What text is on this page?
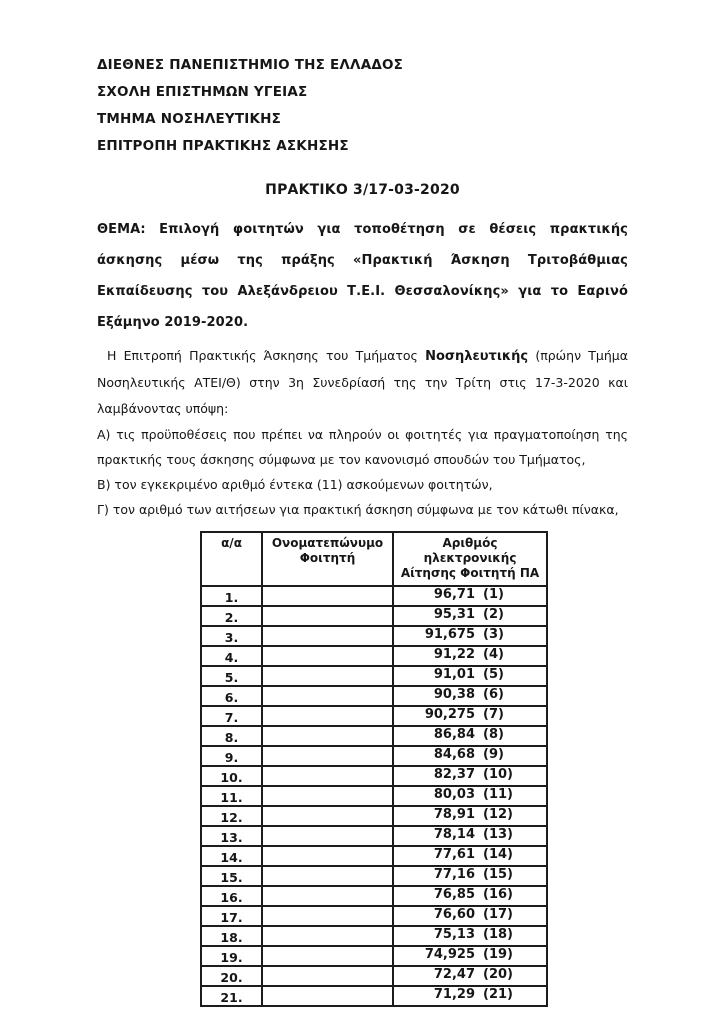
ΔΙΕΘΝΕΣ ΠΑΝΕΠΙΣΤΗΜΙΟ ΤΗΣ ΕΛΛΑΔΟΣ
ΣΧΟΛΗ ΕΠΙΣΤΗΜΩΝ ΥΓΕΙΑΣ
ΤΜΗΜΑ ΝΟΣΗΛΕΥΤΙΚΗΣ
ΕΠΙΤΡΟΠΗ ΠΡΑΚΤΙΚΗΣ ΑΣΚΗΣΗΣ
ΠΡΑΚΤΙΚΟ 3/17-03-2020

ΘΕΜΑ: Επιλογή φοιτητών για τοποθέτηση σε θέσεις πρακτικής άσκησης μέσω της πράξης «Πρακτική Άσκηση Τριτοβάθμιας Εκπαίδευσης του Αλεξάνδρειου Τ.Ε.Ι. Θεσσαλονίκης» για το Εαρινό Εξάμηνο 2019-2020.

Η Επιτροπή Πρακτικής Άσκησης του Τμήματος Νοσηλευτικής (πρώην Τμήμα Νοσηλευτικής ΑΤΕΙ/Θ) στην 3η Συνεδρίασή της την Τρίτη στις 17-3-2020 και λαμβάνοντας υπόψη:

Α) τις προϋποθέσεις που πρέπει να πληρούν οι φοιτητές για πραγματοποίηση της πρακτικής τους άσκησης σύμφωνα με τον κανονισμό σπουδών του Τμήματος,

Β) τον εγκεκριμένο αριθμό έντεκα (11) ασκούμενων φοιτητών,

Γ) τον αριθμό των αιτήσεων για πρακτική άσκηση σύμφωνα με τον κάτωθι πίνακα,

α/α	Ονοματεπώνυμο Φοιτητή	Αριθμός ηλεκτρονικής Αίτησης Φοιτητή ΠΑ
1.		96,71 (1)
2.		95,31 (2)
3.		91,675 (3)
4.		91,22 (4)
5.		91,01 (5)
6.		90,38 (6)
7.		90,275 (7)
8.		86,84 (8)
9.		84,68 (9)
10.		82,37 (10)
11.		80,03 (11)
12.		78,91 (12)
13.		78,14 (13)
14.		77,61 (14)
15.		77,16 (15)
16.		76,85 (16)
17.		76,60 (17)
18.		75,13 (18)
19.		74,925 (19)
20.		72,47 (20)
21.		71,29 (21)
